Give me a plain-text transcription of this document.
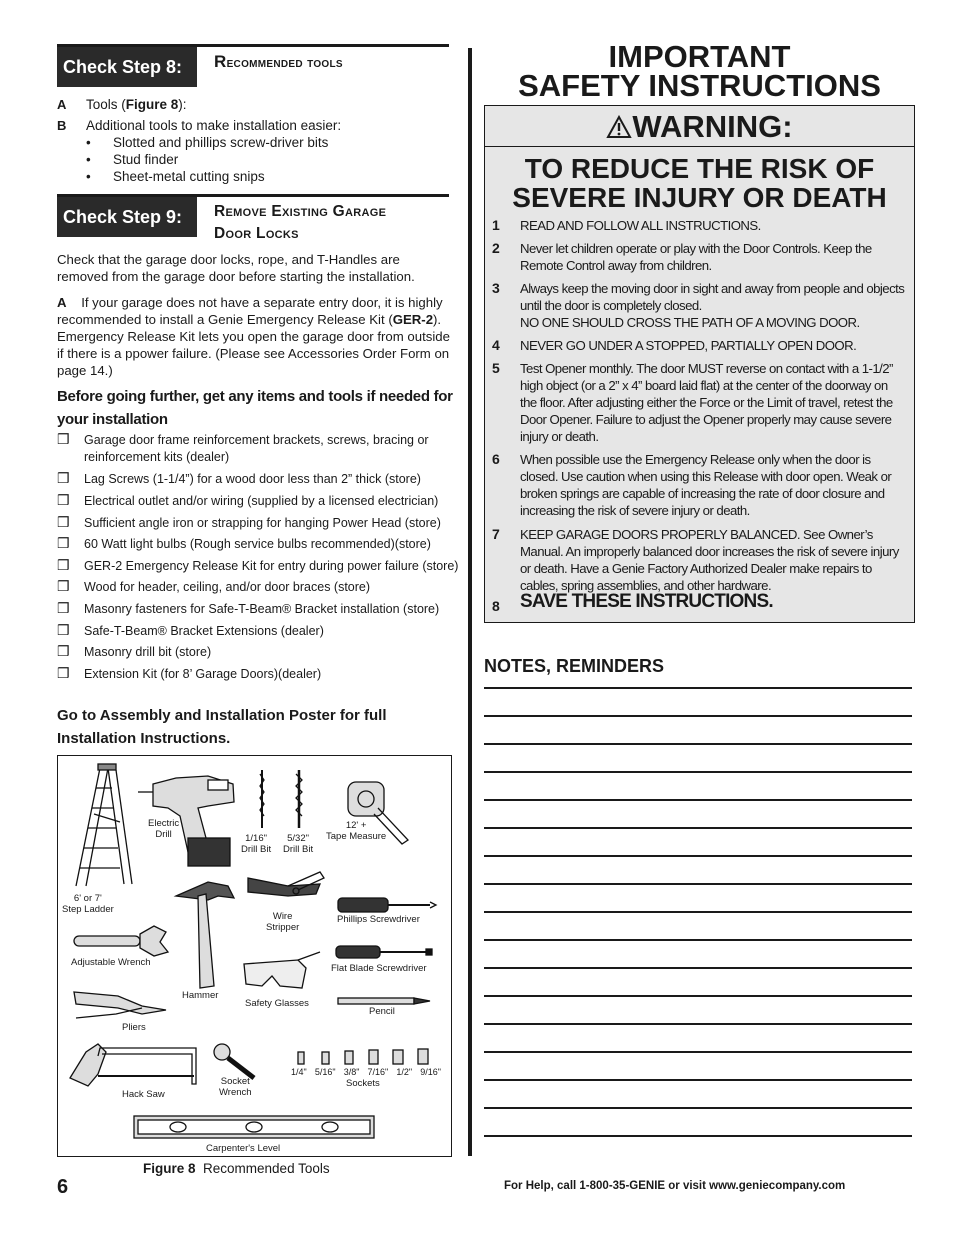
Check Step 8:	Recommended tools
A Tools (Figure 8):
B Additional tools to make installation easier:
• Slotted and phillips screw-driver bits
• Stud finder
• Sheet-metal cutting snips
Check Step 9:	Remove Existing Garage
Door Locks
Check that the garage door locks, rope, and T-Handles are removed from the garage door before starting the installation.
A If your garage does not have a separate entry door, it is highly recommended to install a Genie Emergency Release Kit (GER-2). Emergency Release Kit lets you open the garage door from outside if there is a ppower failure. (Please see Accessories Order Form on page 14.)
Before going further, get any items and tools if needed for your installation
❒ Garage door frame reinforcement brackets, screws, bracing or reinforcement kits (dealer)
❒ Lag Screws (1-1/4”) for a wood door less than 2” thick (store)
❒ Electrical outlet and/or wiring (supplied by a licensed electrician)
❒ Sufficient angle iron or strapping for hanging Power Head (store)
❒ 60 Watt light bulbs (Rough service bulbs recommended)(store)
❒ GER-2 Emergency Release Kit for entry during power failure (store)
❒ Wood for header, ceiling, and/or door braces (store)
❒ Masonry fasteners for Safe-T-Beam® Bracket installation (store)
❒ Safe-T-Beam® Bracket Extensions (dealer)
❒ Masonry drill bit (store)
❒ Extension Kit (for 8’ Garage Doors)(dealer)
Go to Assembly and Installation Poster for full Installation Instructions.
6' or 7'
Step Ladder
Electric
Drill	1/16"
Drill Bit
5/32"
Drill Bit
12' +
Tape Measure
Wire
Stripper
Phillips Screwdriver
Adjustable Wrench
Hammer
Flat Blade Screwdriver
Safety Glasses
Pencil
Pliers
Hack Saw
Socket
Wrench
1/4" 5/16" 3/8" 7/16" 1/2" 9/16"
Sockets
Carpenter's Level
Figure 8 Recommended Tools
6
IMPORTANT
SAFETY INSTRUCTIONS
WARNING:
TO REDUCE THE RISK OF
SEVERE INJURY OR DEATH
1 READ AND FOLLOW ALL INSTRUCTIONS.
2 Never let children operate or play with the Door Controls. Keep the Remote Control away from children.
3 Always keep the moving door in sight and away from people and objects until the door is completely closed.
NO ONE SHOULD CROSS THE PATH OF A MOVING DOOR.
4 NEVER GO UNDER A STOPPED, PARTIALLY OPEN DOOR.
5 Test Opener monthly. The door MUST reverse on contact with a 1-1/2” high object (or a 2” x 4” board laid flat) at the center of the doorway on the floor. After adjusting either the Force or the Limit of travel, retest the Door Opener. Failure to adjust the Opener properly may cause severe injury or death.
6 When possible use the Emergency Release only when the door is closed. Use caution when using this Release with door open. Weak or broken springs are capable of increasing the rate of door closure and increasing the risk of severe injury or death.
7 KEEP GARAGE DOORS PROPERLY BALANCED. See Owner’s Manual. An improperly balanced door increases the risk of severe injury or death. Have a Genie Factory Authorized Dealer make repairs to cables, spring assemblies, and other hardware.
8 SAVE THESE INSTRUCTIONS.
NOTES, REMINDERS
For Help, call 1-800-35-GENIE or visit www.geniecompany.com
